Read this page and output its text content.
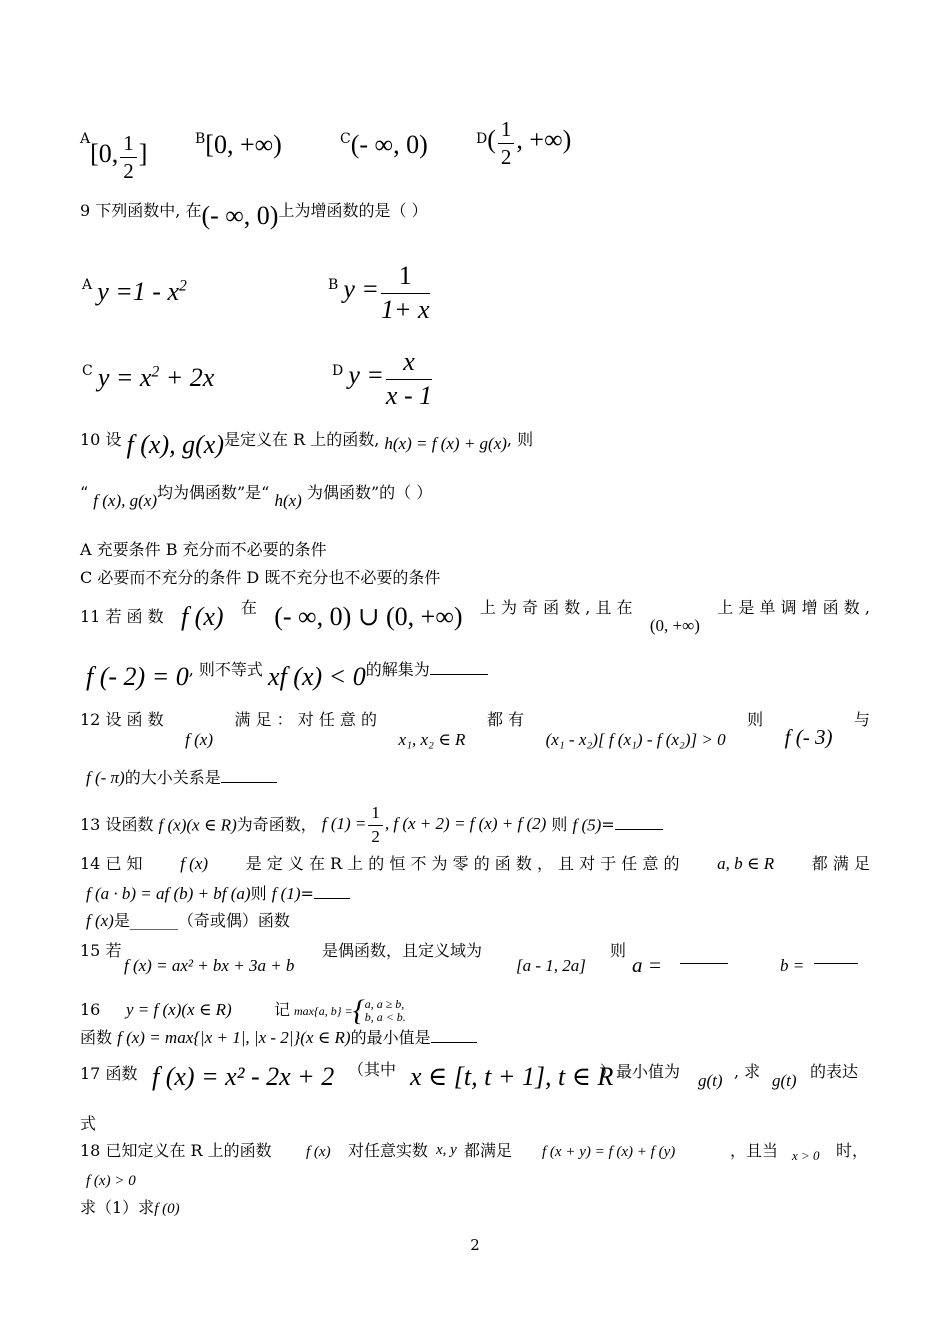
A[0, $\frac{1}{2}$ ]
B[0, +∞)	C(- ∞, 0)	$D( \frac{1}{2}$ , +∞)
9 下列函数中, 在(- ∞, 0)上为增函数的是（ ）
A $y =1 - x^2$	B $y = \frac{1}{1+ x}$
C $y = x^2 + 2x$	D $y = \frac{x}{x - 1}$
10 设 f (x), g(x)是定义在 R 上的函数, h(x) = f (x) + g(x), 则
“ f (x), g(x)均为偶函数”是“ h(x) 为偶函数”的（ ）
A 充要条件 B 充分而不必要的条件
C 必要而不充分的条件 D 既不充分也不必要的条件
11 若 函 数 f (x) 在 (- ∞, 0) ∪ (0, +∞) 上 为 奇 函 数 , 且 在
(0, +∞)
上 是 单 调 增 函 数 ,
f (- 2) = 0, 则不等式 xf (x) < 0的解集为
12 设 函 数
f (x)
满 足 ： 对 任 意 的
x₁, x₂ ∈ R
都 有
(x₁ - x₂)[ f (x₁) - f (x₂)] > 0
则
f (- 3)
与
f (- π)的大小关系是
13 设函数 f (x)(x ∈ R)为奇函数， f $(1) = \frac{1}{2}$ , f (x + 2) = f (x) + f (2) 则 f (5)=
14 已 知 f (x) 是 定 义 在 R 上 的 恒 不 为 零 的 函 数 ， 且 对 于 任 意 的 a, b ∈ R 都 满 足
f (a · b) = af (b) + bf (a)则 f (1)=
f (x)是______（奇或偶）函数
15 若
f (x) = ax² + bx + 3a + b
是偶函数，且定义域为
[a - 1, 2a]
则
a =	b =
16 y = f (x)(x ∈ R)	记 max{a, b} = { a, a ≥ b,
b, a < b.
函数 f (x) = max{|x + 1|, |x - 2|}(x ∈ R)的最小值是
17 函数 f (x) = x² - 2x + 2 （其中 x ∈ [t, t + 1], t ∈ R
）最小值为 g(t) , 求 g(t) 的表达
式
18 已知定义在 R 上的函数 f (x) 对任意实数 x, y 都满足 f (x + y) = f (x) + f (y)	，且当 x > 0 时，
f (x) > 0
求（1）求f (0)
2
